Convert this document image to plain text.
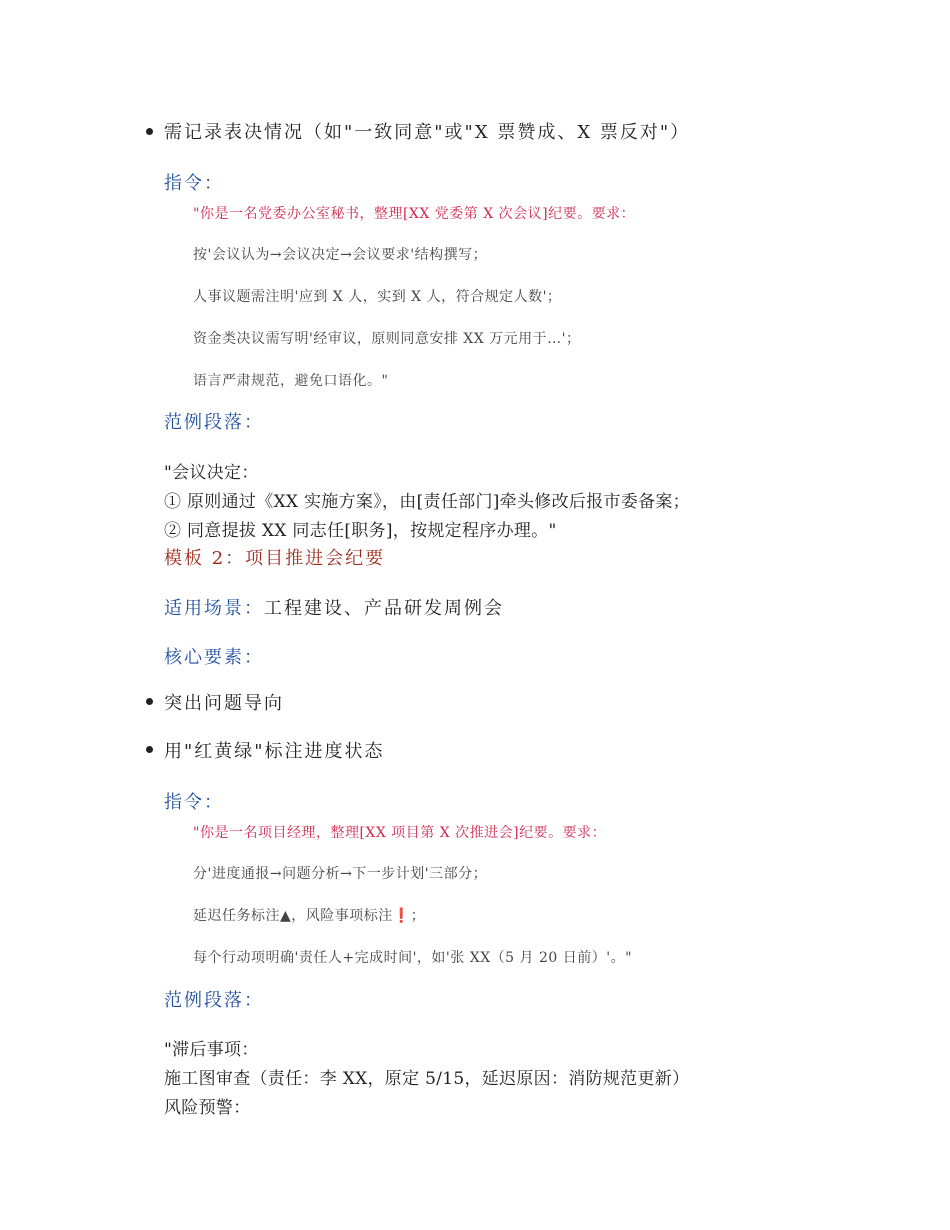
需记录表决情况（如"一致同意"或"X 票赞成、X 票反对"）
指令：
"你是一名党委办公室秘书，整理[XX 党委第 X 次会议]纪要。要求：
按'会议认为→会议决定→会议要求'结构撰写；
人事议题需注明'应到 X 人，实到 X 人，符合规定人数'；
资金类决议需写明'经审议，原则同意安排 XX 万元用于…'；
语言严肃规范，避免口语化。"
范例段落：
"会议决定：
① 原则通过《XX 实施方案》，由[责任部门]牵头修改后报市委备案；
② 同意提拔 XX 同志任[职务]，按规定程序办理。"
模板 2：项目推进会纪要
适用场景：工程建设、产品研发周例会
核心要素：
突出问题导向
用"红黄绿"标注进度状态
指令：
"你是一名项目经理，整理[XX 项目第 X 次推进会]纪要。要求：
分'进度通报→问题分析→下一步计划'三部分；
延迟任务标注▲，风险事项标注❗；
每个行动项明确'责任人+完成时间'，如'张 XX（5 月 20 日前）'。"
范例段落：
"滞后事项：
施工图审查（责任：李 XX，原定 5/15，延迟原因：消防规范更新）
风险预警：
